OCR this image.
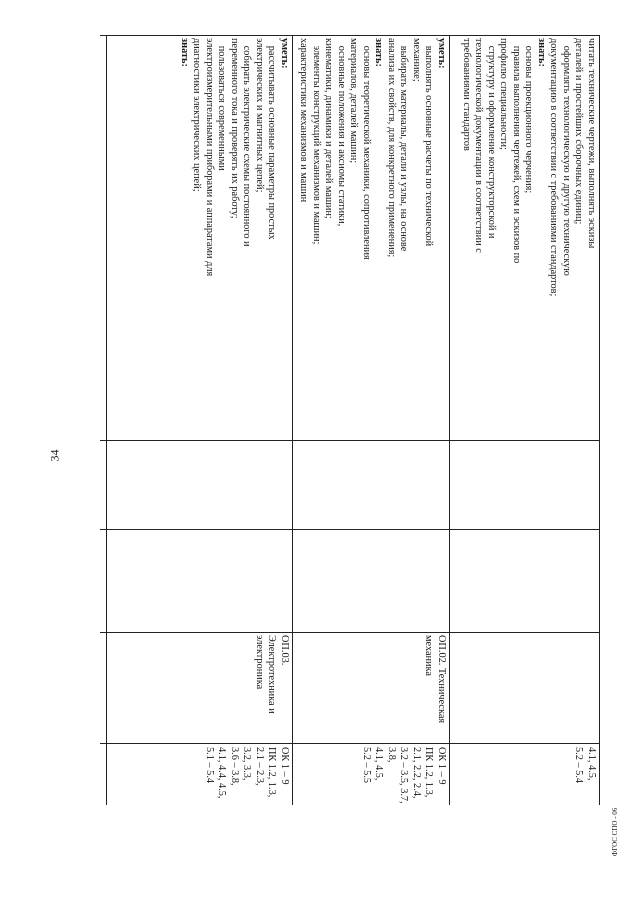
34
ФГОС СПО - 06
читать технические чертежи, выполнять эскизы
деталей и простейших сборочных единиц;
оформлять технологическую и другую техническую
документацию в соответствии с требованиями стандартов;
знать:
основы проекционного черчения;
правила выполнения чертежей, схем и эскизов по
профилю специальности;
структуру и оформление конструкторской и
технологической документации в соответствии с
требованиями стандартов
4.1, 4.5,
5.2 – 5.4
уметь:
выполнять основные расчеты по технической
механике;
выбирать материалы, детали и узлы, на основе
анализа их свойств, для конкретного применения;
знать:
основы теоретической механики, сопротивления
материалов, деталей машин;
основные положения и аксиомы статики,
кинематики, динамики и деталей машин;
элементы конструкций механизмов и машин;
характеристики механизмов и машин
ОП.02. Техническая
механика
ОК 1 – 9
ПК 1.2, 1.3,
2.1, 2.2, 2.4,
3.2 – 3.5, 3.7,
3.8,
4.1, 4.5,
5.2 – 5.5
уметь:
рассчитывать основные параметры простых
электрических и магнитных цепей;
собирать электрические схемы постоянного и
переменного тока и проверять их работу;
пользоваться современными
электроизмерительными приборами и аппаратами для
диагностики электрических цепей;
знать:
ОП.03.
Электротехника и
электроника
ОК 1 – 9
ПК 1.2, 1.3,
2.1 – 2.3,
3.2, 3.3,
3.6 – 3.8,
4.1, 4.4, 4.5,
5.1 – 5.4
